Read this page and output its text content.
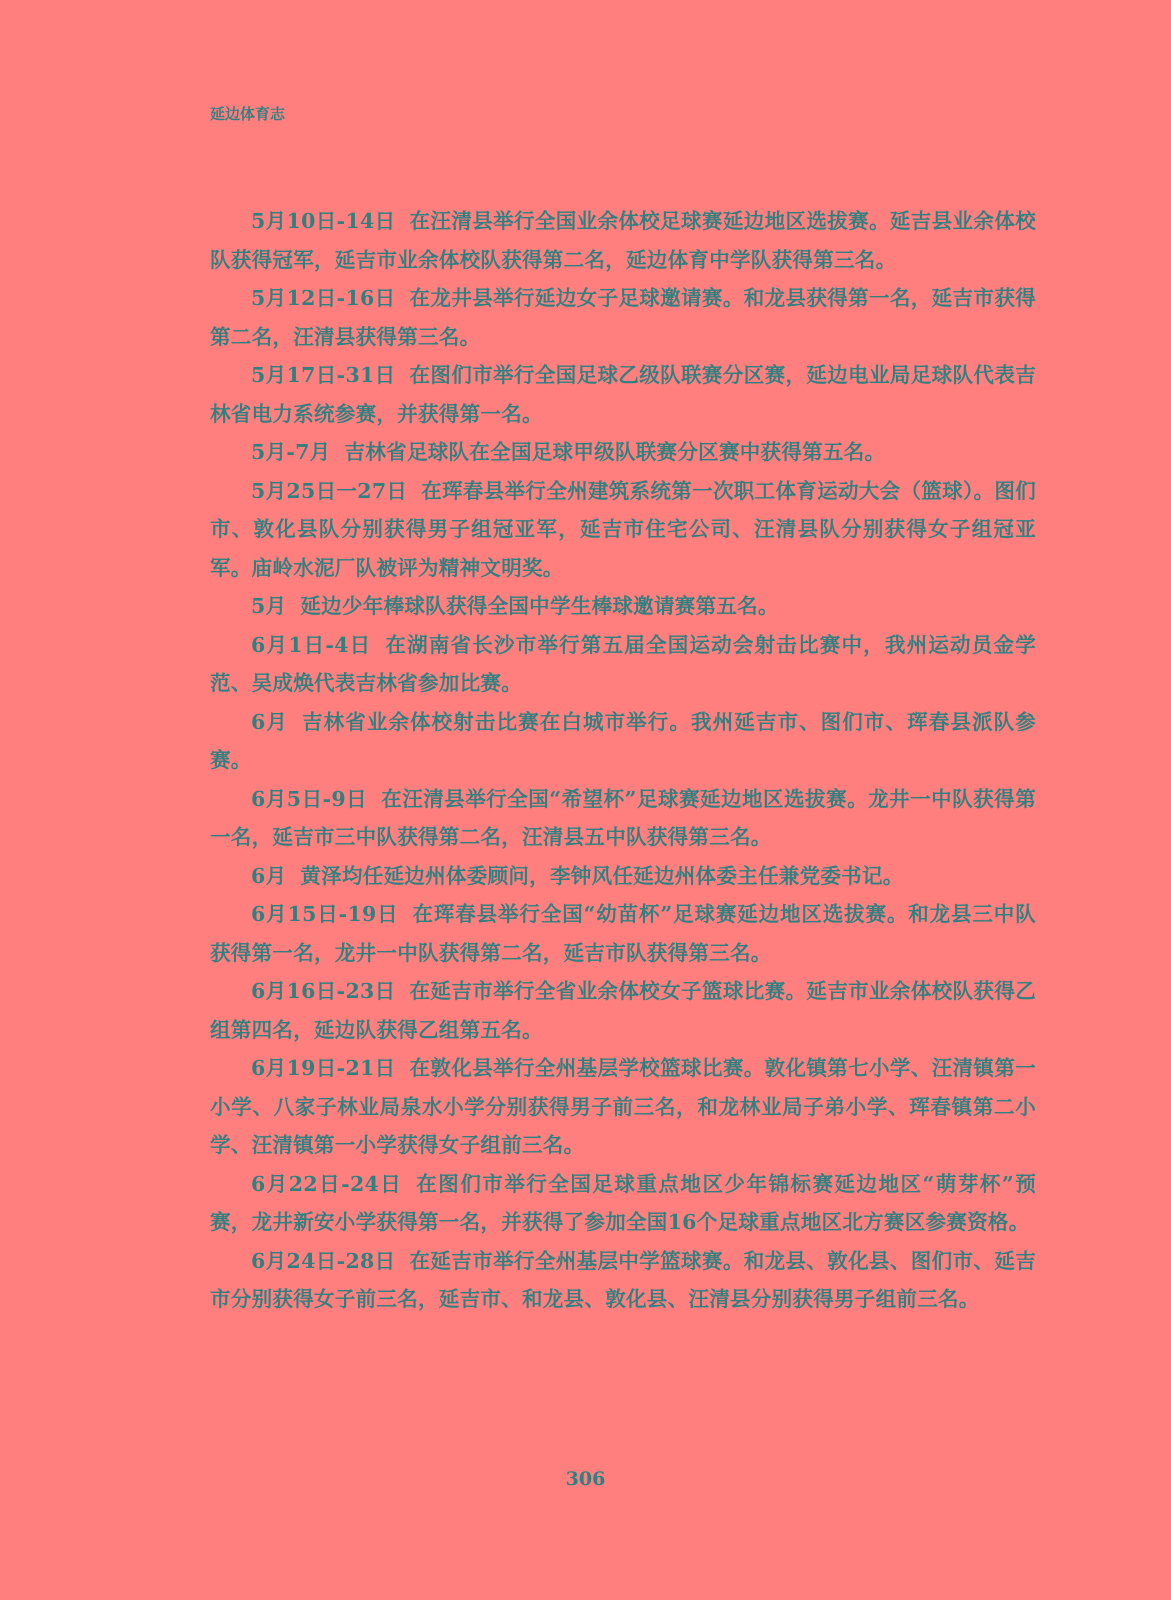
延边体育志

5月10日-14日 在汪清县举行全国业余体校足球赛延边地区选拔赛。延吉县业余体校队获得冠军，延吉市业余体校队获得第二名，延边体育中学队获得第三名。

5月12日-16日 在龙井县举行延边女子足球邀请赛。和龙县获得第一名，延吉市获得第二名，汪清县获得第三名。

5月17日-31日 在图们市举行全国足球乙级队联赛分区赛，延边电业局足球队代表吉林省电力系统参赛，并获得第一名。

5月-7月 吉林省足球队在全国足球甲级队联赛分区赛中获得第五名。

5月25日一27日 在珲春县举行全州建筑系统第一次职工体育运动大会（篮球）。图们市、敦化县队分别获得男子组冠亚军，延吉市住宅公司、汪清县队分别获得女子组冠亚军。庙岭水泥厂队被评为精神文明奖。

5月 延边少年棒球队获得全国中学生棒球邀请赛第五名。

6月1日-4日 在湖南省长沙市举行第五届全国运动会射击比赛中，我州运动员金学范、吴成焕代表吉林省参加比赛。

6月 吉林省业余体校射击比赛在白城市举行。我州延吉市、图们市、珲春县派队参赛。

6月5日-9日 在汪清县举行全国“希望杯”足球赛延边地区选拔赛。龙井一中队获得第一名，延吉市三中队获得第二名，汪清县五中队获得第三名。

6月 黄泽均任延边州体委顾问，李钟风任延边州体委主任兼党委书记。

6月15日-19日 在珲春县举行全国“幼苗杯”足球赛延边地区选拔赛。和龙县三中队获得第一名，龙井一中队获得第二名，延吉市队获得第三名。

6月16日-23日 在延吉市举行全省业余体校女子篮球比赛。延吉市业余体校队获得乙组第四名，延边队获得乙组第五名。

6月19日-21日 在敦化县举行全州基层学校篮球比赛。敦化镇第七小学、汪清镇第一小学、八家子林业局泉水小学分别获得男子前三名，和龙林业局子弟小学、珲春镇第二小学、汪清镇第一小学获得女子组前三名。

6月22日-24日 在图们市举行全国足球重点地区少年锦标赛延边地区“萌芽杯”预赛，龙井新安小学获得第一名，并获得了参加全国16个足球重点地区北方赛区参赛资格。

6月24日-28日 在延吉市举行全州基层中学篮球赛。和龙县、敦化县、图们市、延吉市分别获得女子前三名，延吉市、和龙县、敦化县、汪清县分别获得男子组前三名。

306
